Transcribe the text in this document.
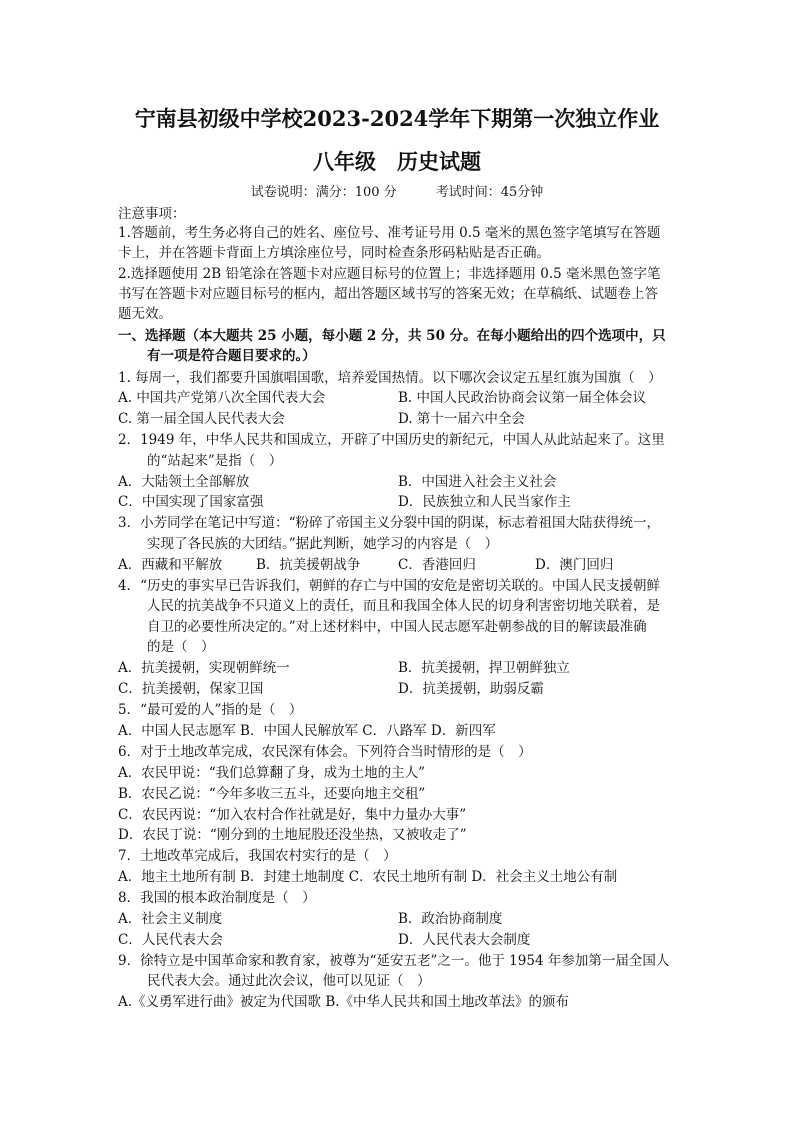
宁南县初级中学校2023-2024学年下期第一次独立作业
八年级　历史试题
试卷说明：满分：100 分　　　考试时间：45分钟
注意事项：
1.答题前，考生务必将自己的姓名、座位号、准考证号用 0.5 毫米的黑色签字笔填写在答题
卡上，并在答题卡背面上方填涂座位号，同时检查条形码粘贴是否正确。
2.选择题使用 2B 铅笔涂在答题卡对应题目标号的位置上；非选择题用 0.5 毫米黑色签字笔
书写在答题卡对应题目标号的框内，超出答题区域书写的答案无效；在草稿纸、试题卷上答
题无效。
一、选择题（本大题共 25 小题，每小题 2 分，共 50 分。在每小题给出的四个选项中，只
有一项是符合题目要求的。）
1. 每周一，我们都要升国旗唱国歌，培养爱国热情。以下哪次会议定五星红旗为国旗（　）
A. 中国共产党第八次全国代表大会	B. 中国人民政治协商会议第一届全体会议
C. 第一届全国人民代表大会	D. 第十一届六中全会
2．1949 年，中华人民共和国成立，开辟了中国历史的新纪元，中国人从此站起来了。这里
的“站起来”是指（　）
A．大陆领土全部解放	B．中国进入社会主义社会
C．中国实现了国家富强	D．民族独立和人民当家作主
3．小芳同学在笔记中写道：“粉碎了帝国主义分裂中国的阴谋，标志着祖国大陆获得统一，
实现了各民族的大团结。”据此判断，她学习的内容是（　）
A．西藏和平解放	B．抗美援朝战争	C．香港回归	D．澳门回归
4．“历史的事实早已告诉我们，朝鲜的存亡与中国的安危是密切关联的。中国人民支援朝鲜
人民的抗美战争不只道义上的责任，而且和我国全体人民的切身利害密切地关联着，是
自卫的必要性所决定的。”对上述材料中，中国人民志愿军赴朝参战的目的解读最准确
的是（　）
A．抗美援朝，实现朝鲜统一	B．抗美援朝，捍卫朝鲜独立
C．抗美援朝，保家卫国	D．抗美援朝，助弱反霸
5．“最可爱的人”指的是（　）
A．中国人民志愿军 B．中国人民解放军 C．八路军 D．新四军
6．对于土地改革完成，农民深有体会。下列符合当时情形的是（　）
A．农民甲说：“我们总算翻了身，成为土地的主人”
B．农民乙说：“今年多收三五斗，还要向地主交租”
C．农民丙说：“加入农村合作社就是好，集中力量办大事”
D．农民丁说：“刚分到的土地屁股还没坐热，又被收走了”
7．土地改革完成后，我国农村实行的是（　）
A．地主土地所有制 B．封建土地制度 C．农民土地所有制 D．社会主义土地公有制
8．我国的根本政治制度是（　）
A．社会主义制度	B．政治协商制度
C．人民代表大会	D．人民代表大会制度
9．徐特立是中国革命家和教育家，被尊为“延安五老”之一。他于 1954 年参加第一届全国人
民代表大会。通过此次会议，他可以见证（　）
A.《义勇军进行曲》被定为代国歌 B.《中华人民共和国土地改革法》的颁布
